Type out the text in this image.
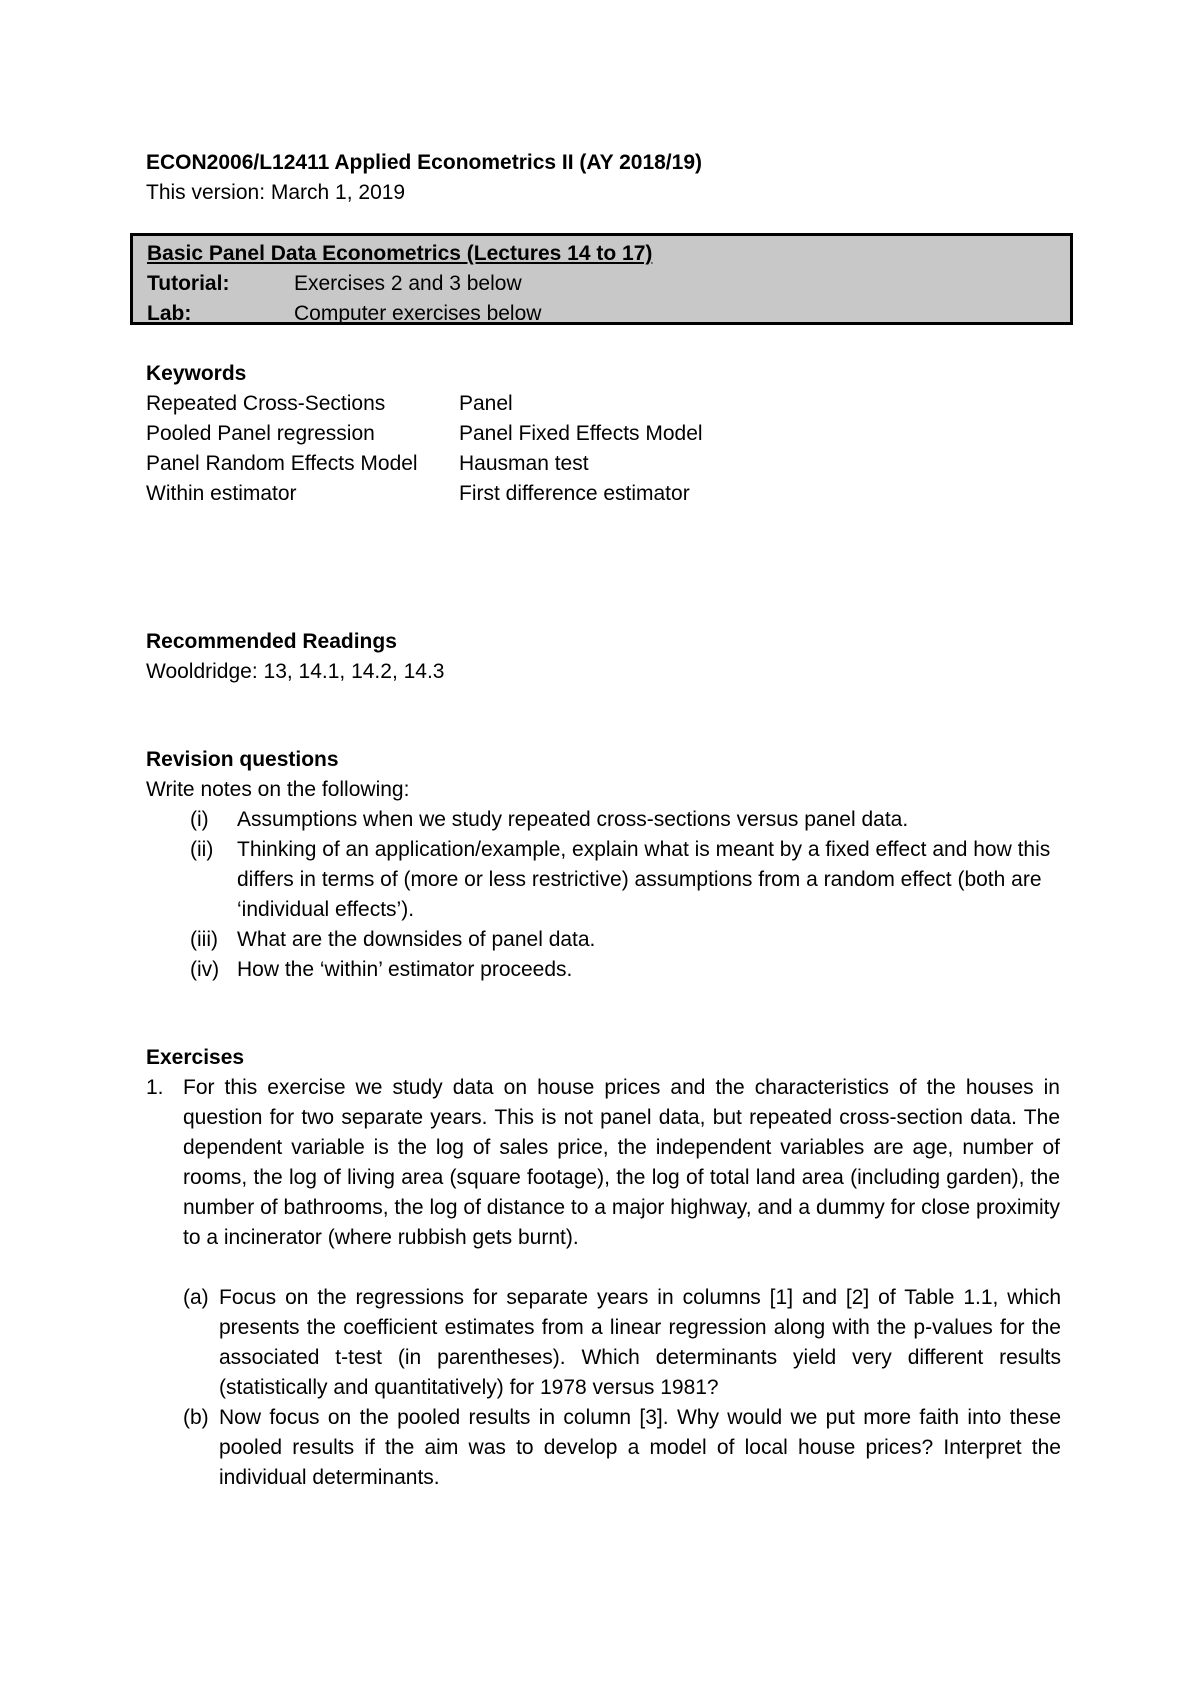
ECON2006/L12411 Applied Econometrics II (AY 2018/19)
This version: March 1, 2019
Basic Panel Data Econometrics (Lectures 14 to 17)
Tutorial:	Exercises 2 and 3 below
Lab:	Computer exercises below
Keywords
Repeated Cross-Sections	Panel
Pooled Panel regression	Panel Fixed Effects Model
Panel Random Effects Model	Hausman test
Within estimator	First difference estimator
Recommended Readings
Wooldridge: 13, 14.1, 14.2, 14.3
Revision questions
Write notes on the following:
(i)	Assumptions when we study repeated cross-sections versus panel data.
(ii)	Thinking of an application/example, explain what is meant by a fixed effect and how this differs in terms of (more or less restrictive) assumptions from a random effect (both are ‘individual effects’).
(iii) What are the downsides of panel data.
(iv) How the ‘within’ estimator proceeds.
Exercises
1. For this exercise we study data on house prices and the characteristics of the houses in question for two separate years. This is not panel data, but repeated cross-section data. The dependent variable is the log of sales price, the independent variables are age, number of rooms, the log of living area (square footage), the log of total land area (including garden), the number of bathrooms, the log of distance to a major highway, and a dummy for close proximity to a incinerator (where rubbish gets burnt).
(a) Focus on the regressions for separate years in columns [1] and [2] of Table 1.1, which presents the coefficient estimates from a linear regression along with the p-values for the associated t-test (in parentheses). Which determinants yield very different results (statistically and quantitatively) for 1978 versus 1981?
(b) Now focus on the pooled results in column [3]. Why would we put more faith into these pooled results if the aim was to develop a model of local house prices? Interpret the individual determinants.
